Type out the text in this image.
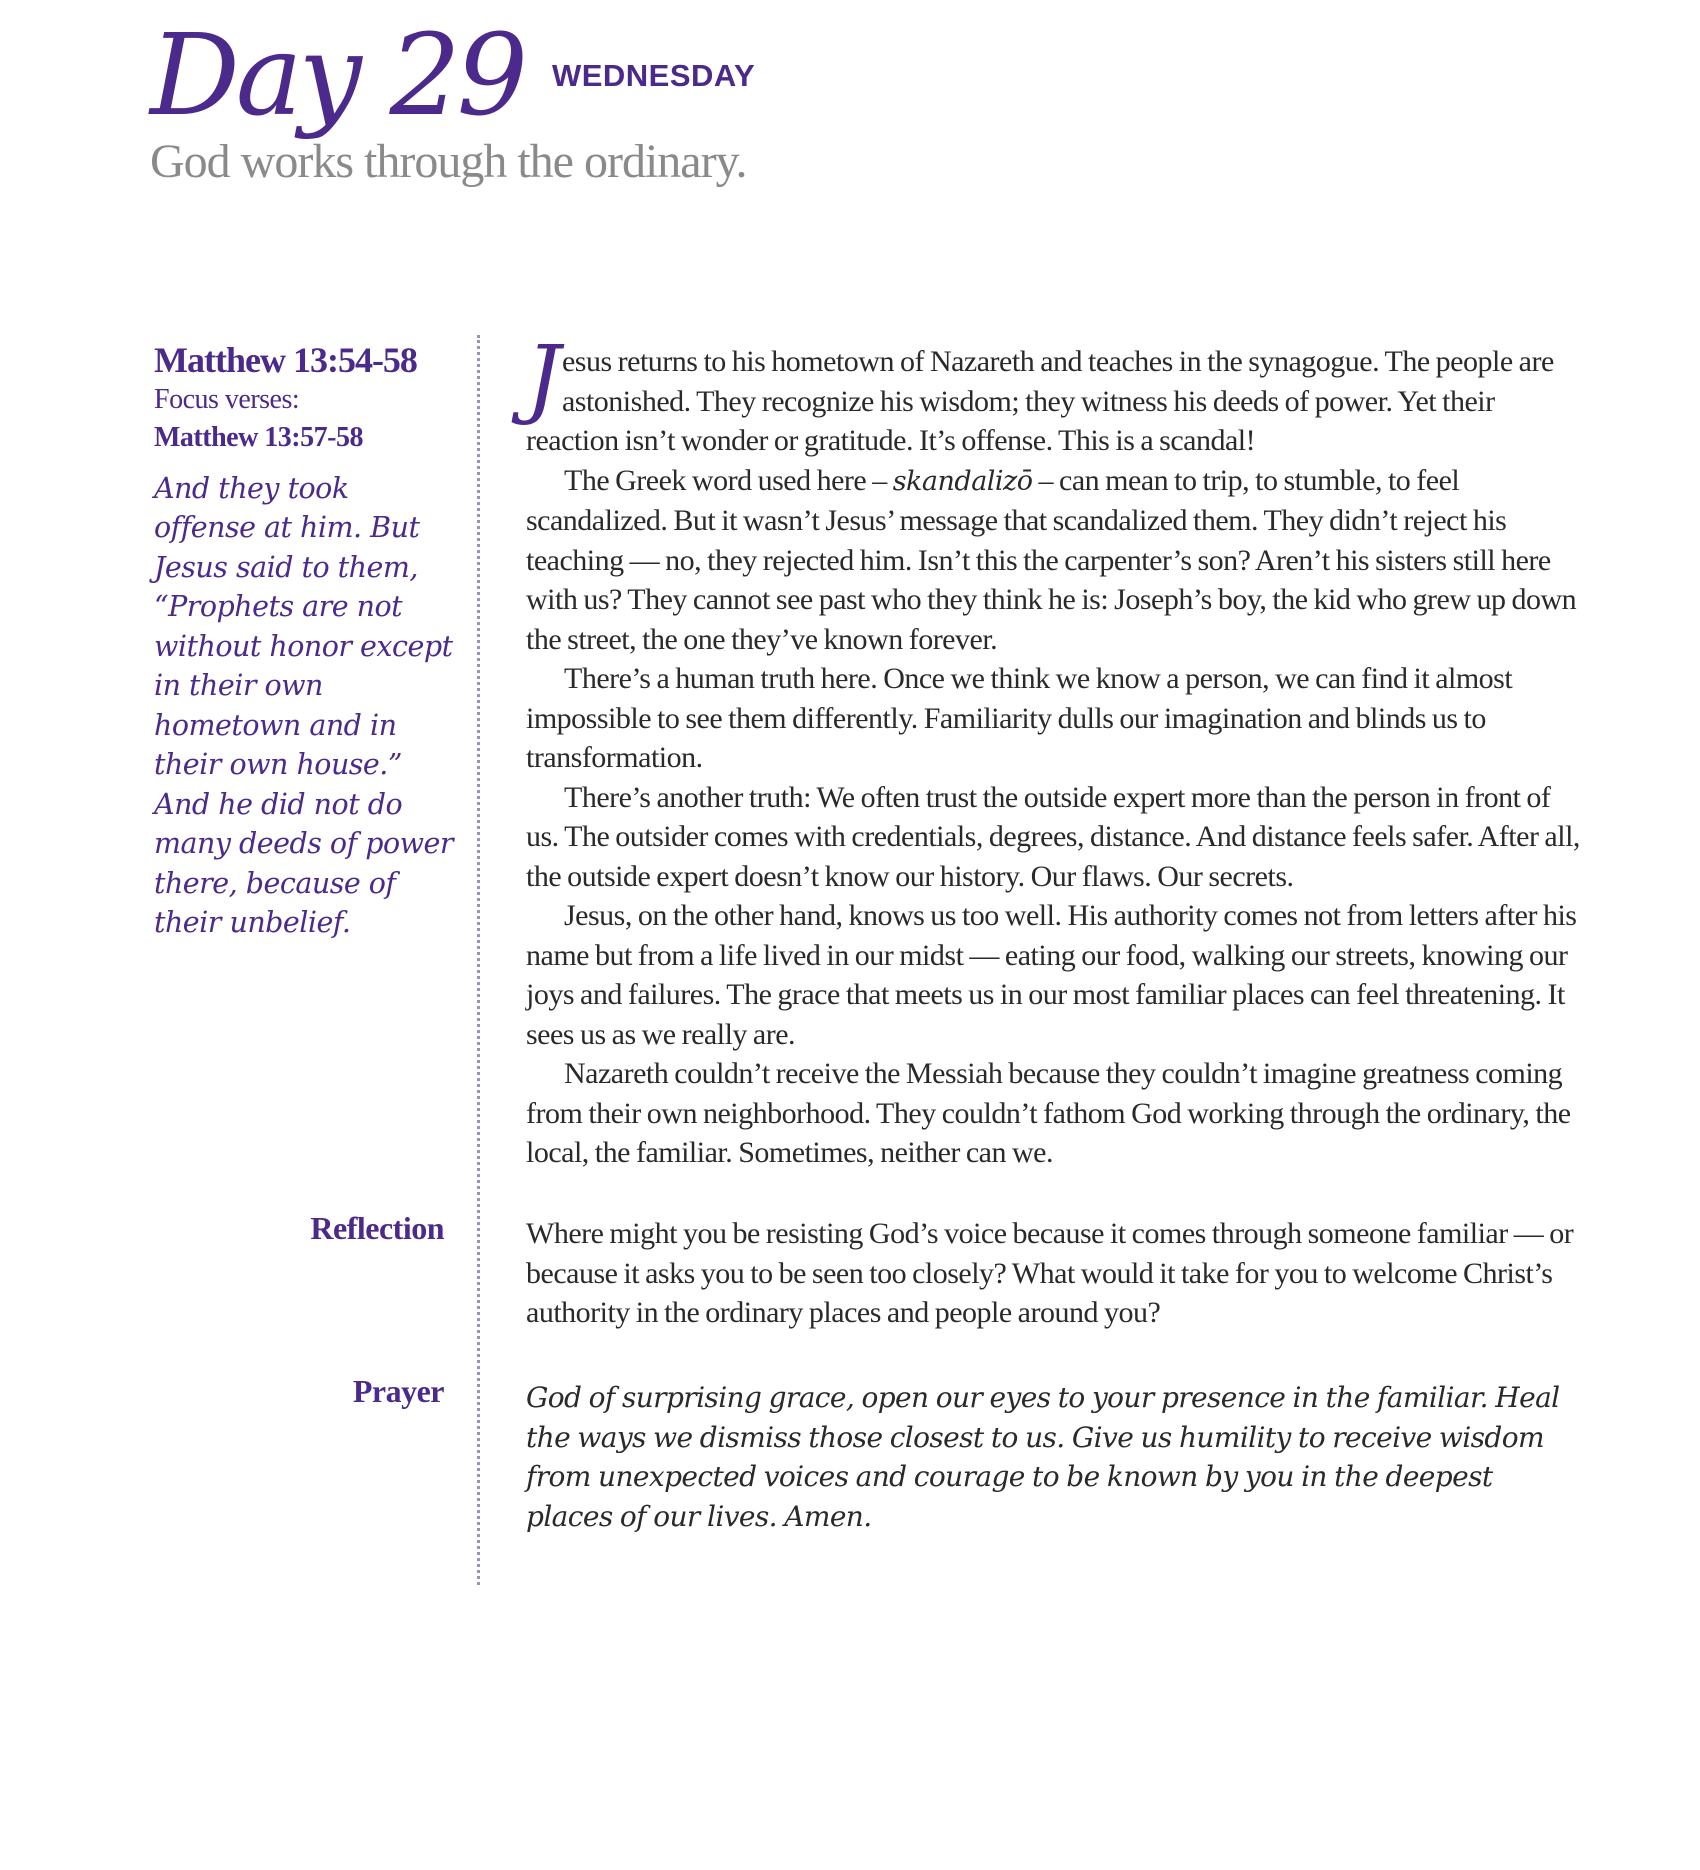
Day 29 WEDNESDAY
God works through the ordinary.
Matthew 13:54-58
Focus verses:
Matthew 13:57-58
And they took offense at him. But Jesus said to them, “Prophets are not without honor except in their own hometown and in their own house.” And he did not do many deeds of power there, because of their unbelief.

Jesus returns to his hometown of Nazareth and teaches in the synagogue. The people are astonished. They recognize his wisdom; they witness his deeds of power. Yet their reaction isn’t wonder or gratitude. It’s offense. This is a scandal!

The Greek word used here – skandalizō – can mean to trip, to stumble, to feel scandalized. But it wasn’t Jesus’ message that scandalized them. They didn’t reject his teaching — no, they rejected him. Isn’t this the carpenter’s son? Aren’t his sisters still here with us? They cannot see past who they think he is: Joseph’s boy, the kid who grew up down the street, the one they’ve known forever.

There’s a human truth here. Once we think we know a person, we can find it almost impossible to see them differently. Familiarity dulls our imagination and blinds us to transformation.

There’s another truth: We often trust the outside expert more than the person in front of us. The outsider comes with credentials, degrees, distance. And distance feels safer. After all, the outside expert doesn’t know our history. Our flaws. Our secrets.

Jesus, on the other hand, knows us too well. His authority comes not from letters after his name but from a life lived in our midst — eating our food, walking our streets, knowing our joys and failures. The grace that meets us in our most familiar places can feel threatening. It sees us as we really are.

Nazareth couldn’t receive the Messiah because they couldn’t imagine greatness coming from their own neighborhood. They couldn’t fathom God working through the ordinary, the local, the familiar. Sometimes, neither can we.

Reflection	Where might you be resisting God’s voice because it comes through someone familiar — or because it asks you to be seen too closely? What would it take for you to welcome Christ’s authority in the ordinary places and people around you?

Prayer	God of surprising grace, open our eyes to your presence in the familiar. Heal the ways we dismiss those closest to us. Give us humility to receive wisdom from unexpected voices and courage to be known by you in the deepest places of our lives. Amen.
